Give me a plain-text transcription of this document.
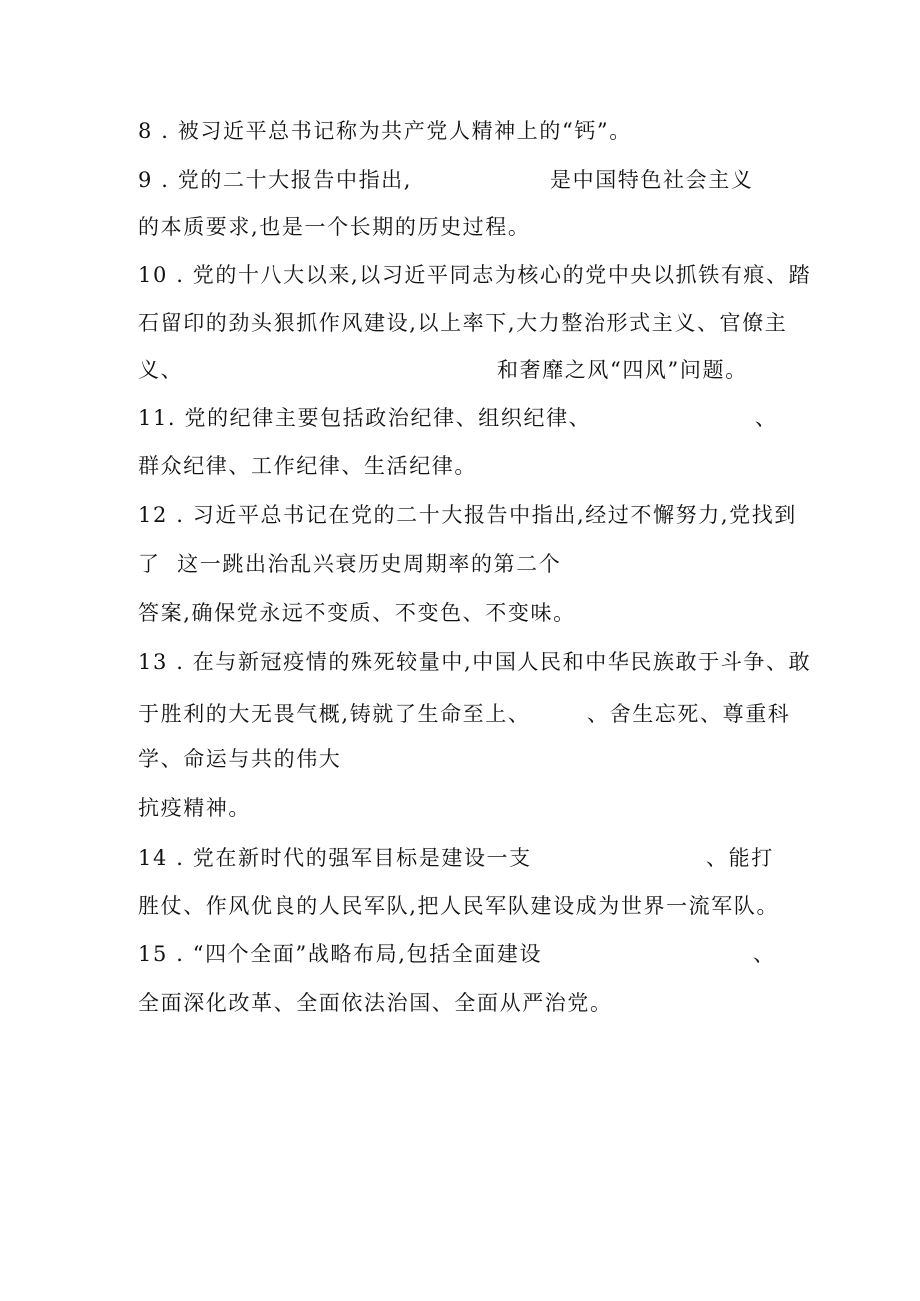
8 . 被习近平总书记称为共产党人精神上的“钙”。
9 . 党的二十大报告中指出,	是中国特色社会主义
的本质要求,也是一个长期的历史过程。
10 . 党的十八大以来,以习近平同志为核心的党中央以抓铁有痕、踏
石留印的劲头狠抓作风建设,以上率下,大力整治形式主义、官僚主
义、	和奢靡之风“四风”问题。
11. 党的纪律主要包括政治纪律、组织纪律、	、
群众纪律、工作纪律、生活纪律。
12 . 习近平总书记在党的二十大报告中指出,经过不懈努力,党找到
了  这一跳出治乱兴衰历史周期率的第二个
答案,确保党永远不变质、不变色、不变味。
13 . 在与新冠疫情的殊死较量中,中国人民和中华民族敢于斗争、敢
于胜利的大无畏气概,铸就了生命至上、	、舍生忘死、尊重科
学、命运与共的伟大
抗疫精神。
14 . 党在新时代的强军目标是建设一支	、能打
胜仗、作风优良的人民军队,把人民军队建设成为世界一流军队。
15 . “四个全面”战略布局,包括全面建设	、
全面深化改革、全面依法治国、全面从严治党。
